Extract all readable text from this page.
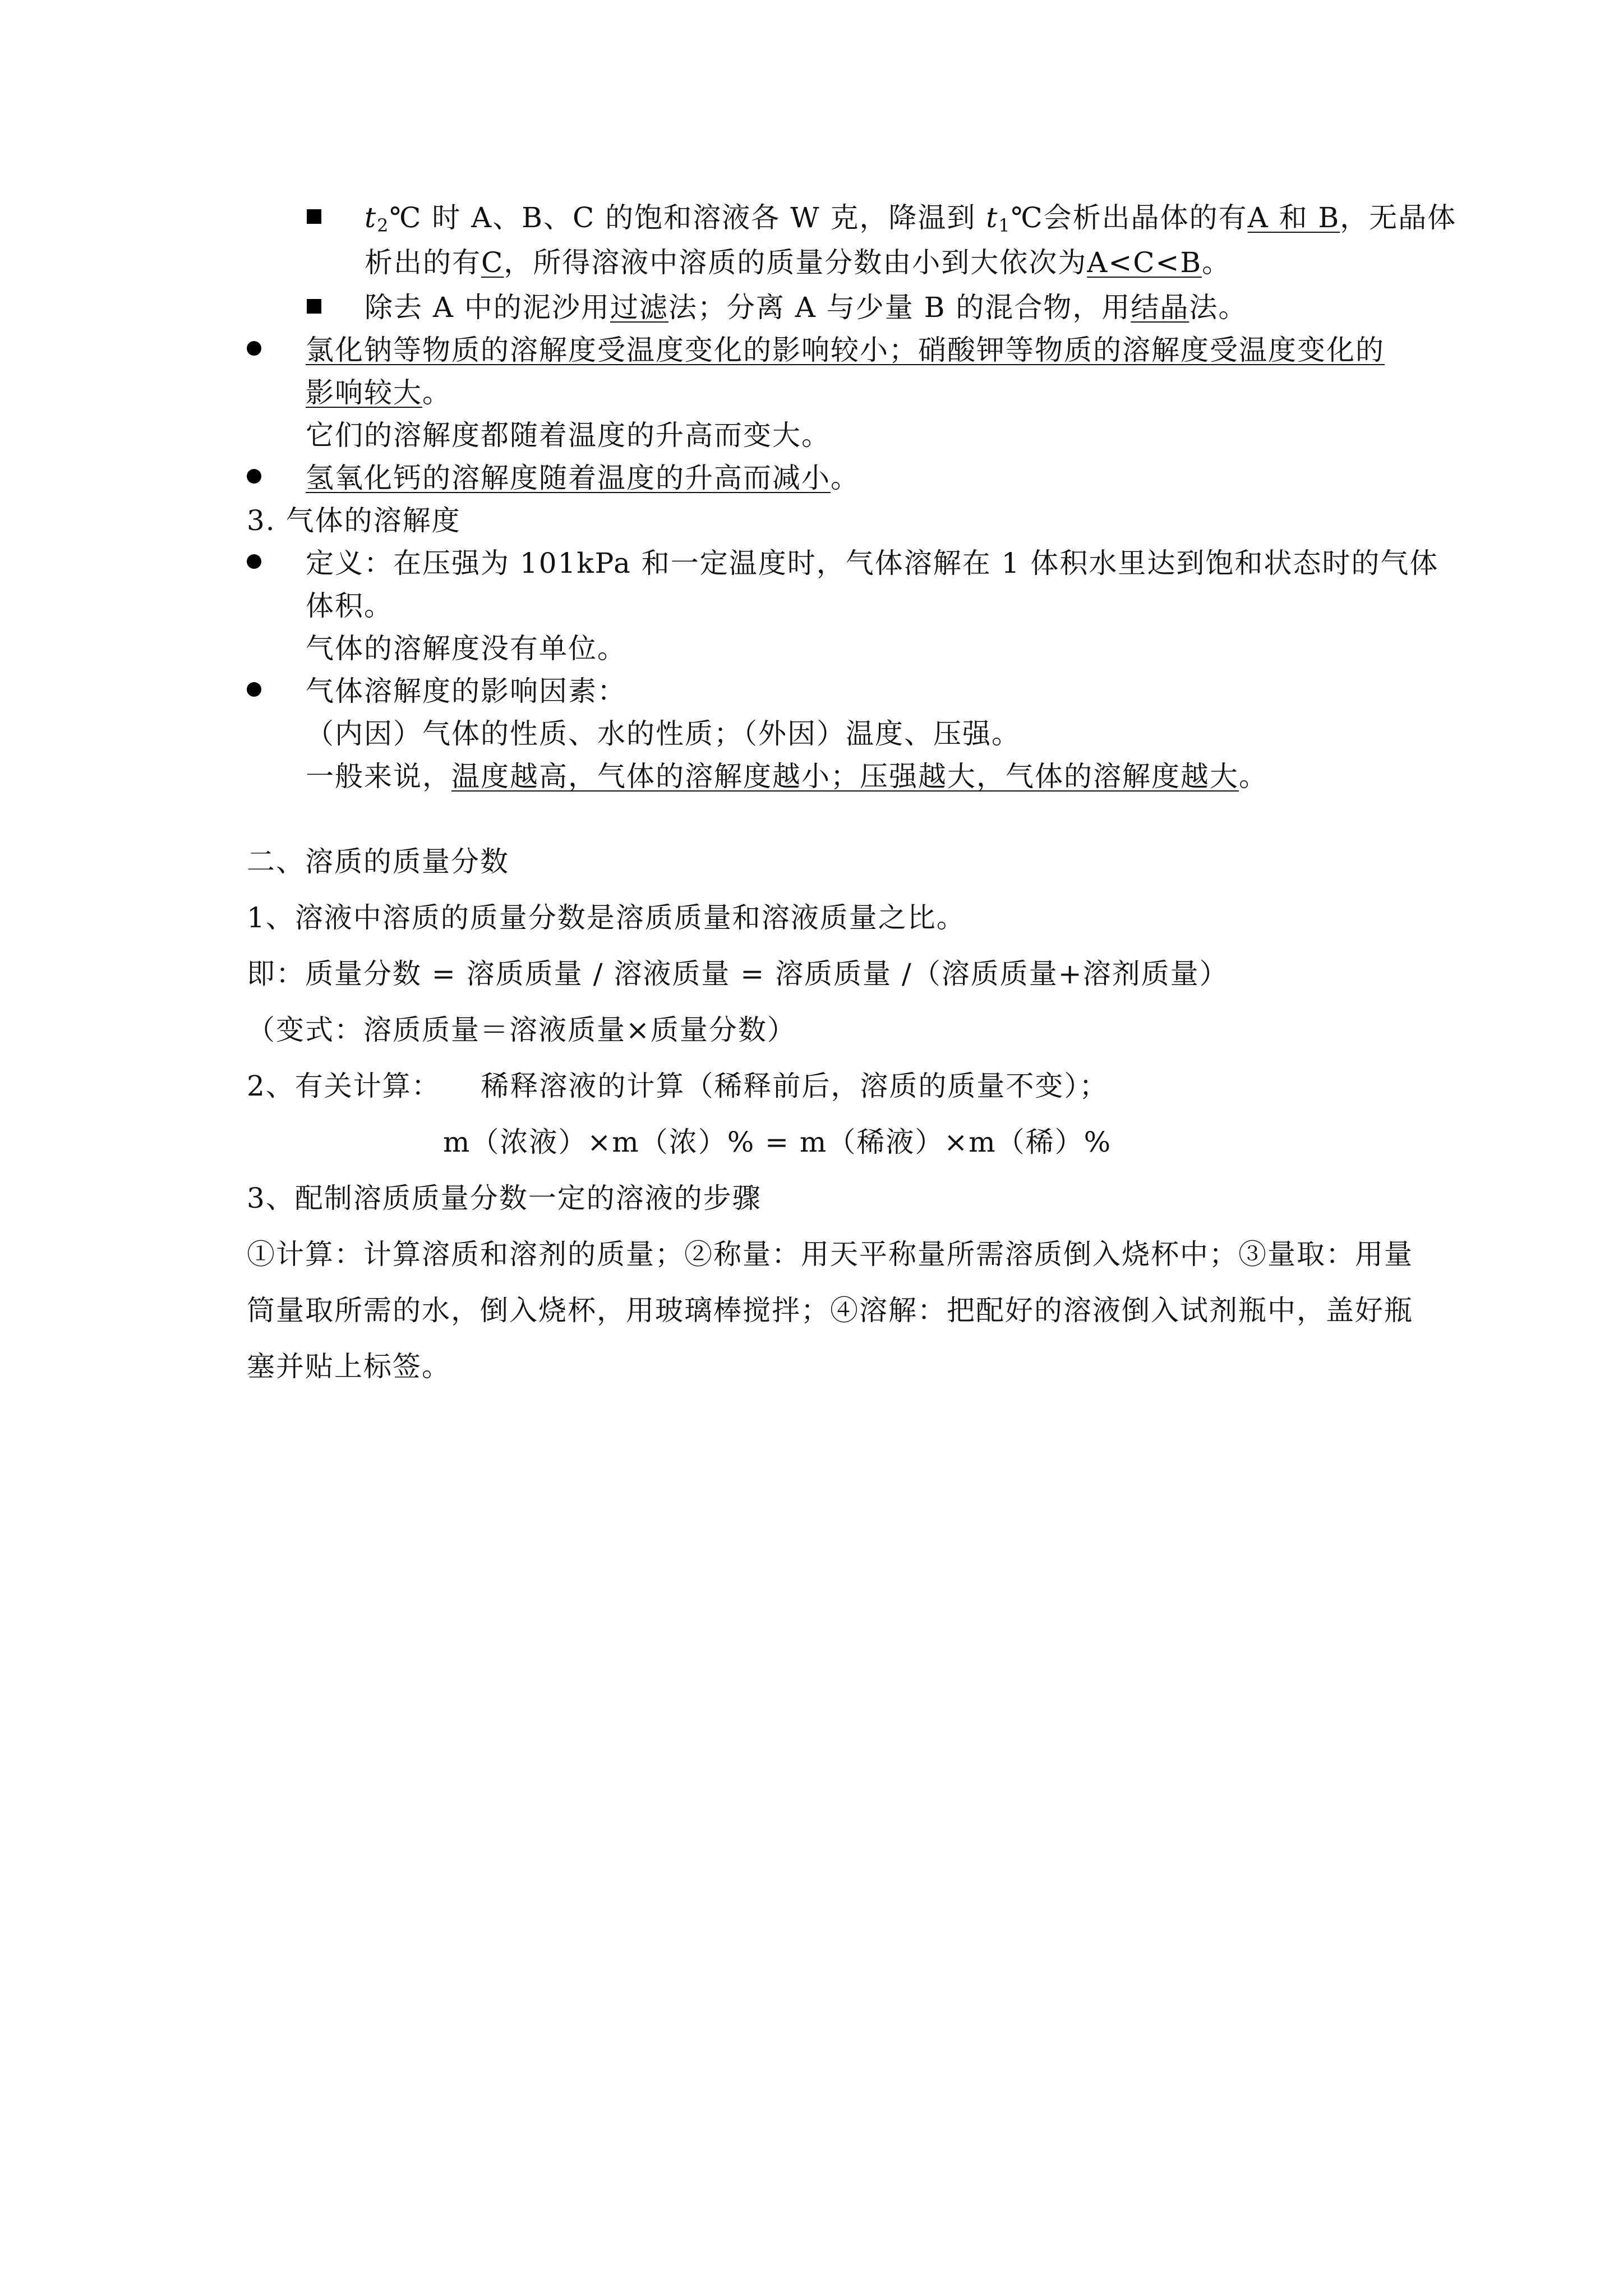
$t_2℃$ 时 A、B、C 的饱和溶液各 W 克，降温到 $t_1℃$会析出晶体的有A 和 B，无晶体
析出的有C，所得溶液中溶质的质量分数由小到大依次为A<C<B。
除去 A 中的泥沙用过滤法；分离 A 与少量 B 的混合物，用结晶法。
氯化钠等物质的溶解度受温度变化的影响较小；硝酸钾等物质的溶解度受温度变化的
影响较大。
它们的溶解度都随着温度的升高而变大。
氢氧化钙的溶解度随着温度的升高而减小。
3. 气体的溶解度
定义：在压强为 101kPa 和一定温度时，气体溶解在 1 体积水里达到饱和状态时的气体
体积。
气体的溶解度没有单位。
气体溶解度的影响因素：
（内因）气体的性质、水的性质；（外因）温度、压强。
一般来说，温度越高，气体的溶解度越小；压强越大，气体的溶解度越大。
二、溶质的质量分数
1、溶液中溶质的质量分数是溶质质量和溶液质量之比。
即：质量分数 = 溶质质量 / 溶液质量 = 溶质质量 /（溶质质量+溶剂质量）
（变式：溶质质量＝溶液质量×质量分数）
2、有关计算：    稀释溶液的计算（稀释前后，溶质的质量不变）；
m（浓液）×m（浓）% = m（稀液）×m（稀）%
3、配制溶质质量分数一定的溶液的步骤
①计算：计算溶质和溶剂的质量；②称量：用天平称量所需溶质倒入烧杯中；③量取：用量
筒量取所需的水，倒入烧杯，用玻璃棒搅拌；④溶解：把配好的溶液倒入试剂瓶中，盖好瓶
塞并贴上标签。
